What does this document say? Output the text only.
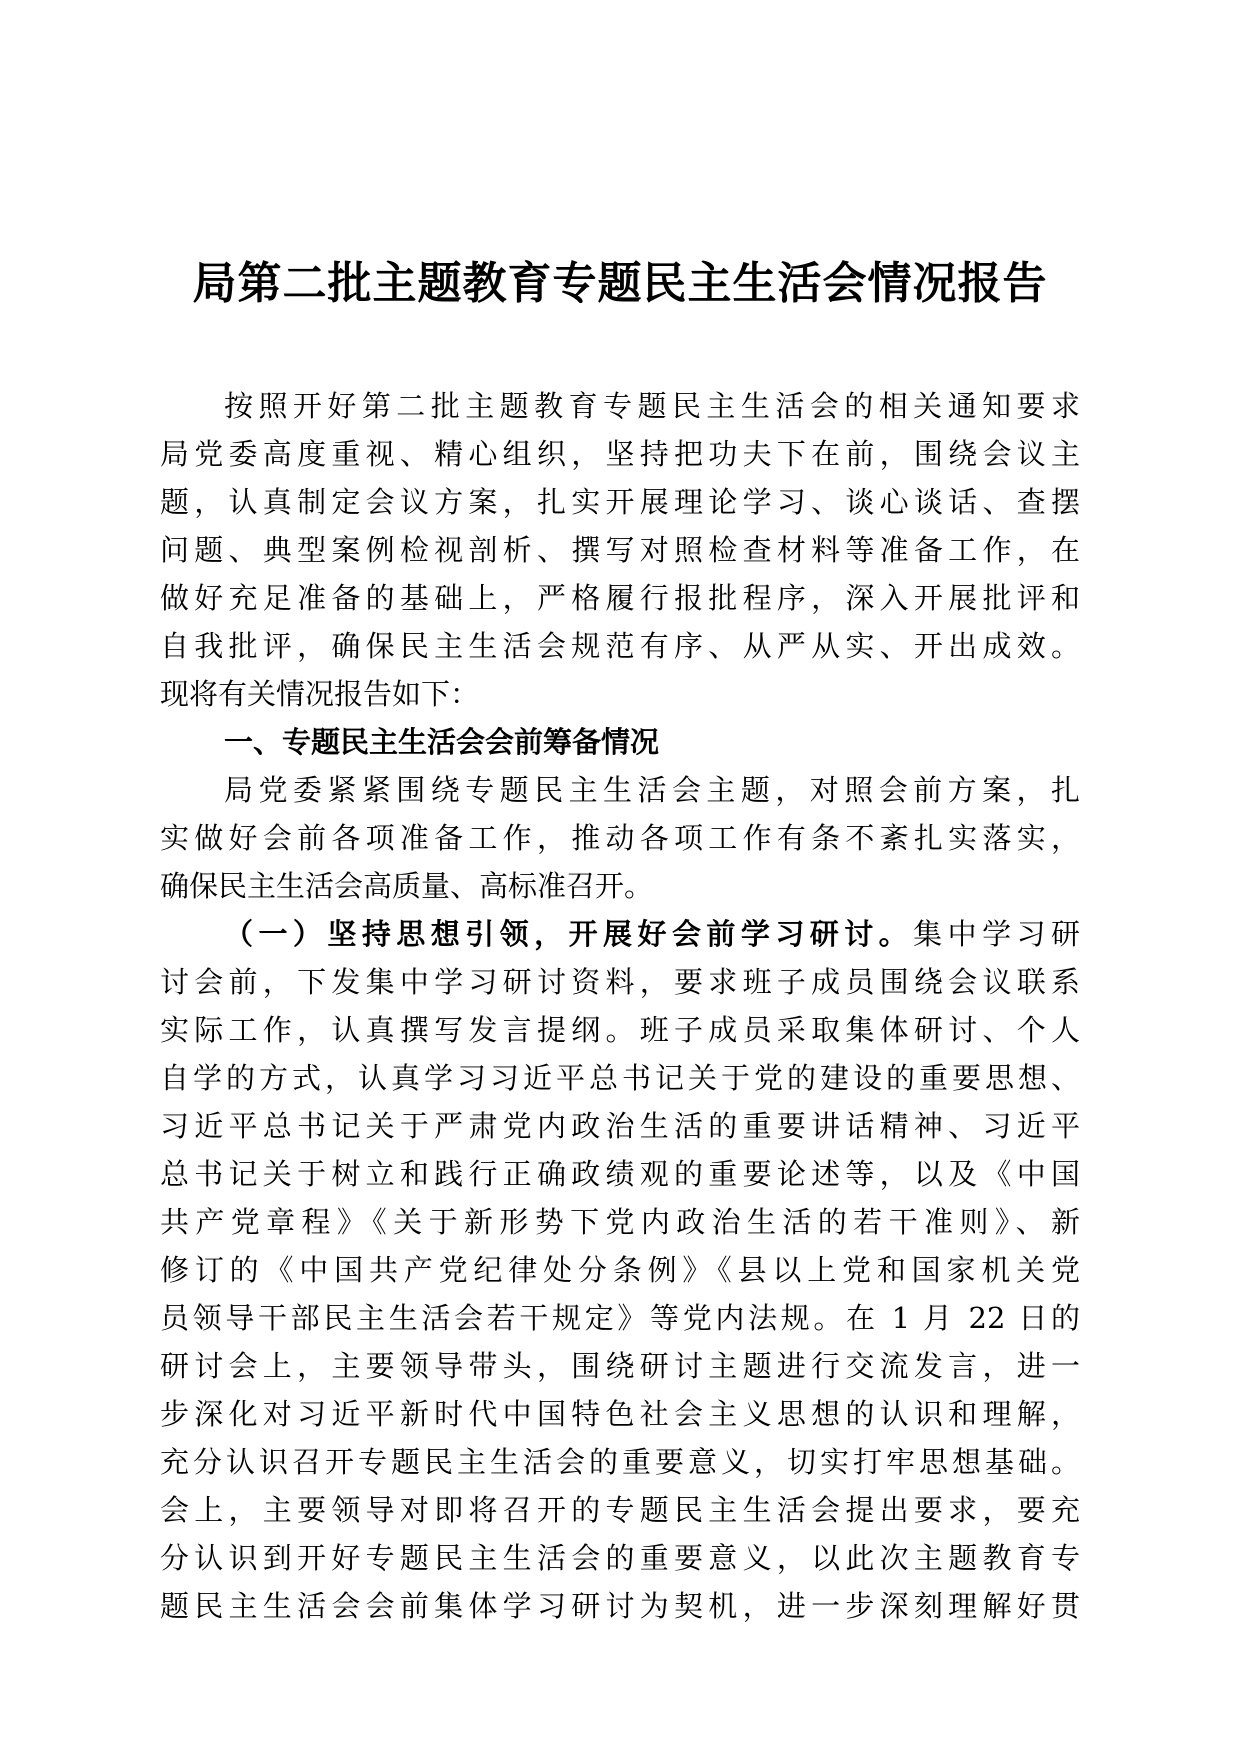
局第二批主题教育专题民主生活会情况报告
按照开好第二批主题教育专题民主生活会的相关通知要求
局党委高度重视、精心组织，坚持把功夫下在前，围绕会议主
题，认真制定会议方案，扎实开展理论学习、谈心谈话、查摆
问题、典型案例检视剖析、撰写对照检查材料等准备工作，在
做好充足准备的基础上，严格履行报批程序，深入开展批评和
自我批评，确保民主生活会规范有序、从严从实、开出成效。
现将有关情况报告如下：
一、专题民主生活会会前筹备情况
局党委紧紧围绕专题民主生活会主题，对照会前方案，扎
实做好会前各项准备工作，推动各项工作有条不紊扎实落实，
确保民主生活会高质量、高标准召开。
（一）坚持思想引领，开展好会前学习研讨。集中学习研
讨会前，下发集中学习研讨资料，要求班子成员围绕会议联系
实际工作，认真撰写发言提纲。班子成员采取集体研讨、个人
自学的方式，认真学习习近平总书记关于党的建设的重要思想、
习近平总书记关于严肃党内政治生活的重要讲话精神、习近平
总书记关于树立和践行正确政绩观的重要论述等，以及《中国
共产党章程》《关于新形势下党内政治生活的若干准则》、新
修订的《中国共产党纪律处分条例》《县以上党和国家机关党
员领导干部民主生活会若干规定》等党内法规。在 1 月 22 日的
研讨会上，主要领导带头，围绕研讨主题进行交流发言，进一
步深化对习近平新时代中国特色社会主义思想的认识和理解，
充分认识召开专题民主生活会的重要意义，切实打牢思想基础。
会上，主要领导对即将召开的专题民主生活会提出要求，要充
分认识到开好专题民主生活会的重要意义，以此次主题教育专
题民主生活会会前集体学习研讨为契机，进一步深刻理解好贯
